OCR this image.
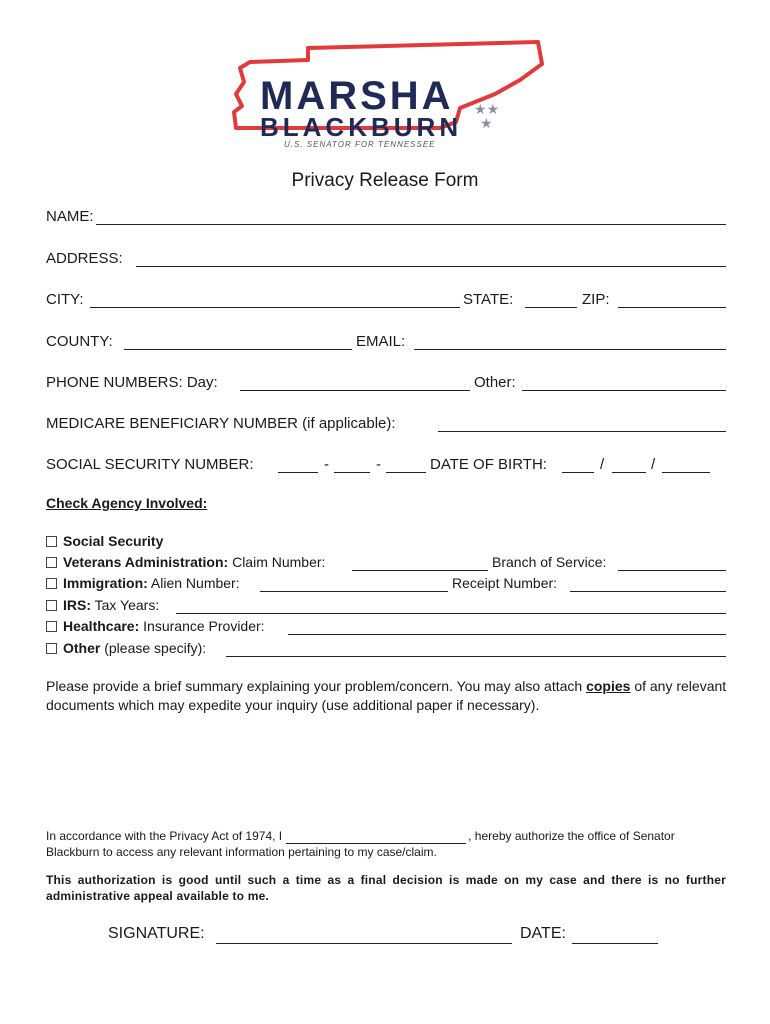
MARSHA
BLACKBURN
★★
★
U.S. SENATOR FOR TENNESSEE
Privacy Release Form
NAME:
ADDRESS:
CITY:	STATE:	ZIP:
COUNTY:	EMAIL:
PHONE NUMBERS: Day:	Other:
MEDICARE BENEFICIARY NUMBER (if applicable):
SOCIAL SECURITY NUMBER:	-	-	DATE OF BIRTH:	/	/
Check Agency Involved:
Social Security
Veterans Administration: Claim Number:	Branch of Service:
Immigration: Alien Number:	Receipt Number:
IRS: Tax Years:
Healthcare: Insurance Provider:
Other (please specify):
Please provide a brief summary explaining your problem/concern. You may also attach copies of any relevant documents which may expedite your inquiry (use additional paper if necessary).
In accordance with the Privacy Act of 1974, I	, hereby authorize the office of Senator
Blackburn to access any relevant information pertaining to my case/claim.
This authorization is good until such a time as a final decision is made on my case and there is no further administrative appeal available to me.
SIGNATURE:	DATE:
